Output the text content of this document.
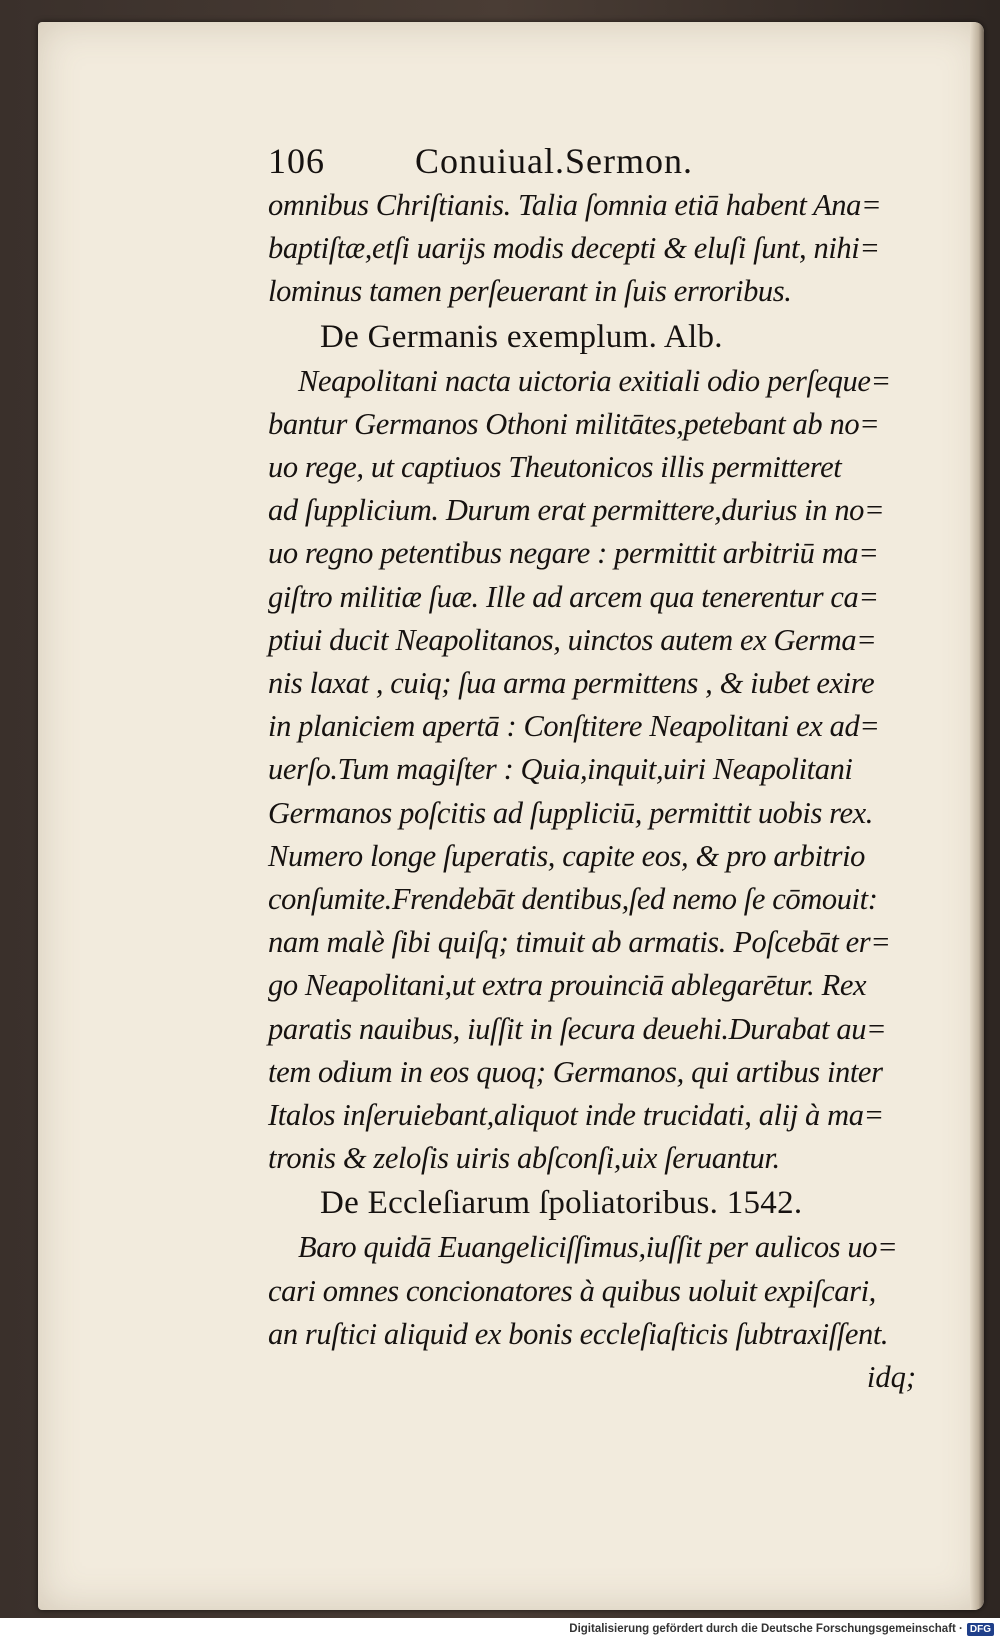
106	Conuiual.Sermon.
omnibus Chriſtianis. Talia ſomnia etiā habent Ana=
baptiſtæ,etſi uarijs modis decepti & eluſi ſunt, nihi=
lominus tamen perſeuerant in ſuis erroribus.
De Germanis exemplum. Alb.
Neapolitani nacta uictoria exitiali odio perſeque=
bantur Germanos Othoni militātes,petebant ab no=
uo rege, ut captiuos Theutonicos illis permitteret
ad ſupplicium. Durum erat permittere,durius in no=
uo regno petentibus negare : permittit arbitriū ma=
giſtro militiæ ſuæ. Ille ad arcem qua tenerentur ca=
ptiui ducit Neapolitanos, uinctos autem ex Germa=
nis laxat , cuiq; ſua arma permittens , & iubet exire
in planiciem apertā : Conſtitere Neapolitani ex ad=
uerſo.Tum magiſter : Quia,inquit,uiri Neapolitani
Germanos poſcitis ad ſuppliciū, permittit uobis rex.
Numero longe ſuperatis, capite eos, & pro arbitrio
conſumite.Frendebāt dentibus,ſed nemo ſe cōmouit:
nam malè ſibi quiſq; timuit ab armatis. Poſcebāt er=
go Neapolitani,ut extra prouinciā ablegarētur. Rex
paratis nauibus, iuſſit in ſecura deuehi.Durabat au=
tem odium in eos quoq; Germanos, qui artibus inter
Italos inſeruiebant,aliquot inde trucidati, alij à ma=
tronis & zeloſis uiris abſconſi,uix ſeruantur.
De Eccleſiarum ſpoliatoribus. 1542.
Baro quidā Euangeliciſſimus,iuſſit per aulicos uo=
cari omnes concionatores à quibus uoluit expiſcari,
an ruſtici aliquid ex bonis eccleſiaſticis ſubtraxiſſent.
idq;
Digitalisierung gefördert durch die Deutsche Forschungsgemeinschaft · DFG
